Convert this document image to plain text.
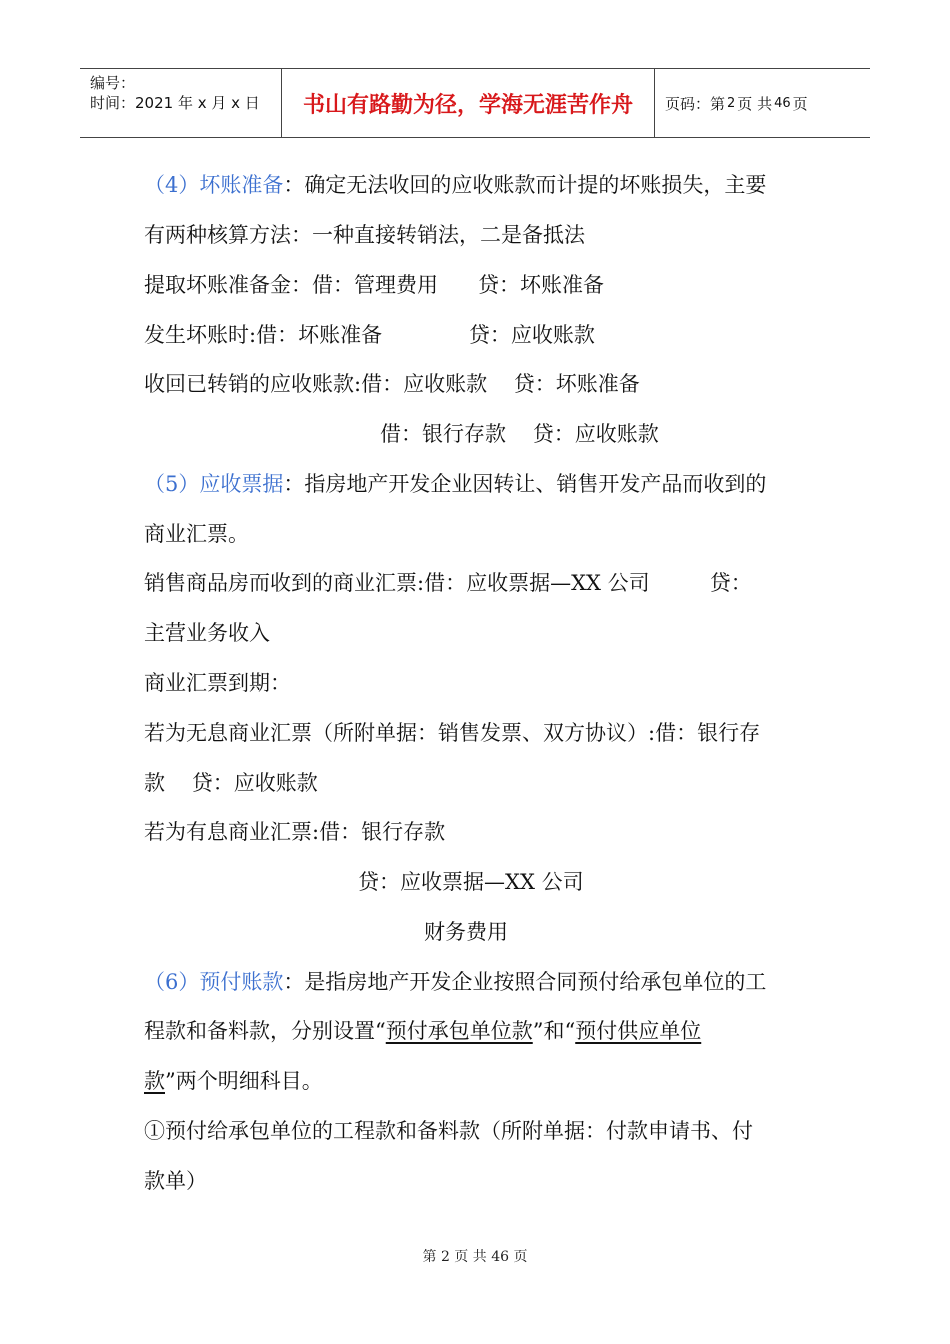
编号：
时间：2021 年 x 月 x 日	书山有路勤为径，学海无涯苦作舟	页码：第 2 页 共 46 页
（4）坏账准备：确定无法收回的应收账款而计提的坏账损失，主要
有两种核算方法：一种直接转销法，二是备抵法
提取坏账准备金：借：管理费用      贷：坏账准备
发生坏账时:借：坏账准备             贷：应收账款
收回已转销的应收账款:借：应收账款    贷：坏账准备
借：银行存款    贷：应收账款
（5）应收票据：指房地产开发企业因转让、销售开发产品而收到的
商业汇票。
销售商品房而收到的商业汇票:借：应收票据—XX 公司         贷：
主营业务收入
商业汇票到期：
若为无息商业汇票（所附单据：销售发票、双方协议）:借：银行存
款    贷：应收账款
若为有息商业汇票:借：银行存款
贷：应收票据—XX 公司
财务费用
（6）预付账款：是指房地产开发企业按照合同预付给承包单位的工
程款和备料款，分别设置“预付承包单位款”和“预付供应单位
款”两个明细科目。
①预付给承包单位的工程款和备料款（所附单据：付款申请书、付
款单）
第 2 页 共 46 页
